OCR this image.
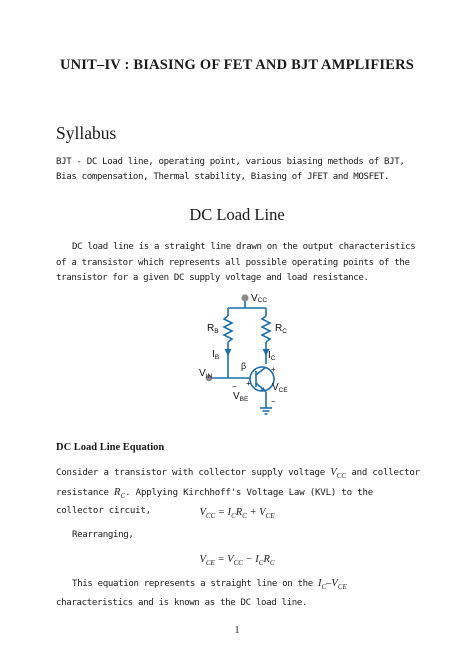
UNIT–IV : BIASING OF FET AND BJT AMPLIFIERS
Syllabus
BJT - DC Load line, operating point, various biasing methods of BJT, Bias compensation, Thermal stability, Biasing of JFET and MOSFET.
DC Load Line
DC load line is a straight line drawn on the output characteristics of a transistor which represents all possible operating points of the transistor for a given DC supply voltage and load resistance.
VCC
$R_B$	$R_C$
$I_B$	$I_C$
β
$V_{IN}$
$V_{BE}$
$V_{CE}$
+
−
+
−
DC Load Line Equation
Consider a transistor with collector supply voltage $V_{CC}$ and collector resistance $R_C$. Applying Kirchhoff's Voltage Law (KVL) to the collector circuit,	$V_{CC} = I_CR_C + V_{CE}$
Rearranging,
$V_{CE} = V_{CC} - I_CR_C$
This equation represents a straight line on the $I_C-V_{CE}$ characteristics and is known as the DC load line.
1
